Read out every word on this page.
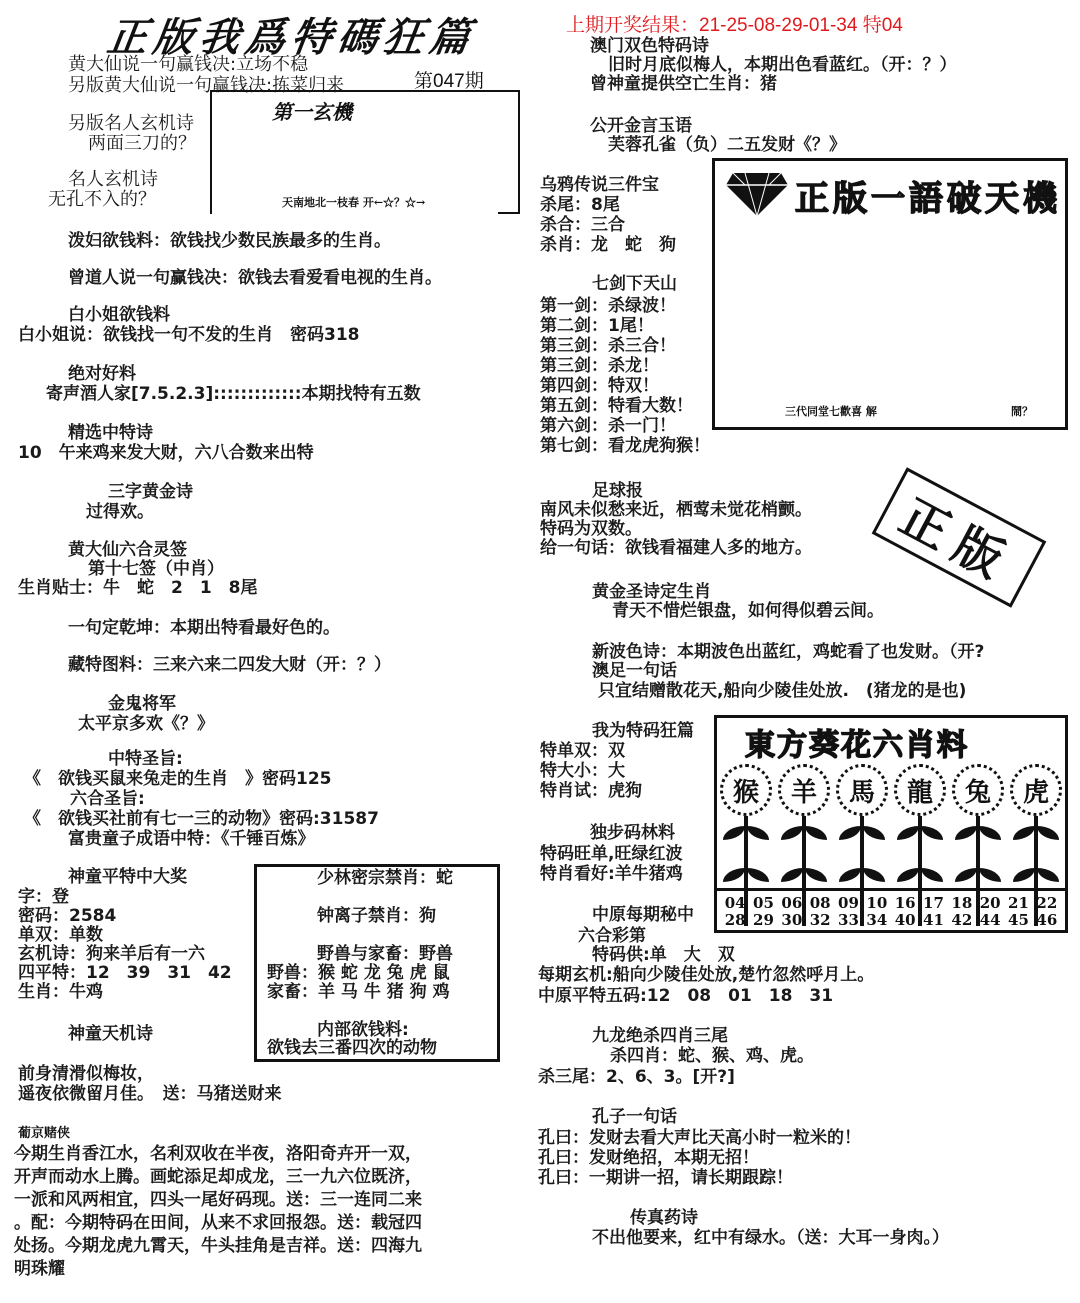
正版我爲特碼狂篇
黄大仙说一句赢钱决:立场不稳
另版黄大仙说一句赢钱决:拣菜归来	第047期
另版名人玄机诗
两面三刀的？
名人玄机诗
无孔不入的？
第一玄機
天南地北一枝春 开←☆？☆→
泼妇欲钱料：欲钱找少数民族最多的生肖。
曾道人说一句赢钱决：欲钱去看爱看电视的生肖。
白小姐欲钱料
白小姐说：欲钱找一句不发的生肖　密码318
绝对好料
寄声酒人家[7.5.2.3]:::::::::::::本期找特有五数
精选中特诗
10　午来鸡来发大财，六八合数来出特
三字黄金诗
过得欢。
黄大仙六合灵签
第十七签（中肖）
生肖贴士：牛　蛇　2　1　8尾
一句定乾坤：本期出特看最好色的。
藏特图料：三来六来二四发大财（开：？）
金鬼将军
太平京多欢《？》
中特圣旨:
《　欲钱买鼠来兔走的生肖　》密码125
六合圣旨:
《　欲钱买社前有七一三的动物》密码:31587
富贵童子成语中特：《千锤百炼》
神童平特中大奖
字：登
密码：2584
单双：单数
玄机诗：狗来羊后有一六
四平特：12　39　31　42
生肖：牛鸡
少林密宗禁肖：蛇
钟离子禁肖：狗
野兽与家畜：野兽
野兽：猴 蛇 龙 兔 虎 鼠
家畜：羊 马 牛 猪 狗 鸡
内部欲钱料:
欲钱去三番四次的动物
神童天机诗
前身清滑似梅妆，
遥夜依微留月佳。　送：马猪送财来
葡京赌侠
今期生肖香江水，名利双收在半夜，洛阳奇卉开一双，
开声而动水上腾。画蛇添足却成龙，三一九六位既济，
一派和风两相宜，四头一尾好码现。送：三一连同二来
。配：今期特码在田间，从来不求回报怨。送：载冠四
处扬。今期龙虎九霄天，牛头挂角是吉祥。送：四海九
明珠耀
上期开奖结果：21-25-08-29-01-34 特04
澳门双色特码诗
旧时月底似梅人，本期出色看蓝红。（开：？）
曾神童提供空亡生肖：猪
公开金言玉语
芙蓉孔雀（负）二五发财《？》
乌鸦传说三件宝
杀尾：8尾
杀合：三合
杀肖：龙　蛇　狗
七剑下天山
第一剑：杀绿波！
第二剑：1尾！
第三剑：杀三合！
第三剑：杀龙！
第四剑：特双！
第五剑：特看大数！
第六剑：杀一门！
第七剑：看龙虎狗猴！
正版一語破天機
三代同堂七歡喜 解	鬧？
正版
足球报
南风未似愁来近，栖莺未觉花梢颤。
特码为双数。
给一句话：欲钱看福建人多的地方。
黄金圣诗定生肖
青天不惜烂银盘，如何得似碧云间。
新波色诗：本期波色出蓝红，鸡蛇看了也发财。（开?
澳足一句话
只宜结赠散花天,船向少陵佳处放.　(猪龙的是也)
我为特码狂篇
特单双：双
特大小：大
特肖试：虎狗
独步码林料
特码旺单,旺绿红波
特肖看好:羊牛猪鸡
東方葵花六肖料
猴	羊	馬	龍	兔	虎
04 05 06 08 09 10 16 17 18 20 21 22
28 29 30 32 33 34 40 41 42 44 45 46
中原每期秘中
六合彩第
特码供:单　大　双
每期玄机:船向少陵佳处放,楚竹忽然呼月上。
中原平特五码:12　08　01　18　31
九龙绝杀四肖三尾
杀四肖：蛇、猴、鸡、虎。
杀三尾：2、6、3。[开?]
孔子一句话
孔曰：发财去看大声比天高小时一粒米的！
孔曰：发财绝招，本期无招！
孔曰：一期讲一招，请长期跟踪！
传真药诗
不出他要来，红中有绿水。（送：大耳一身肉。）
